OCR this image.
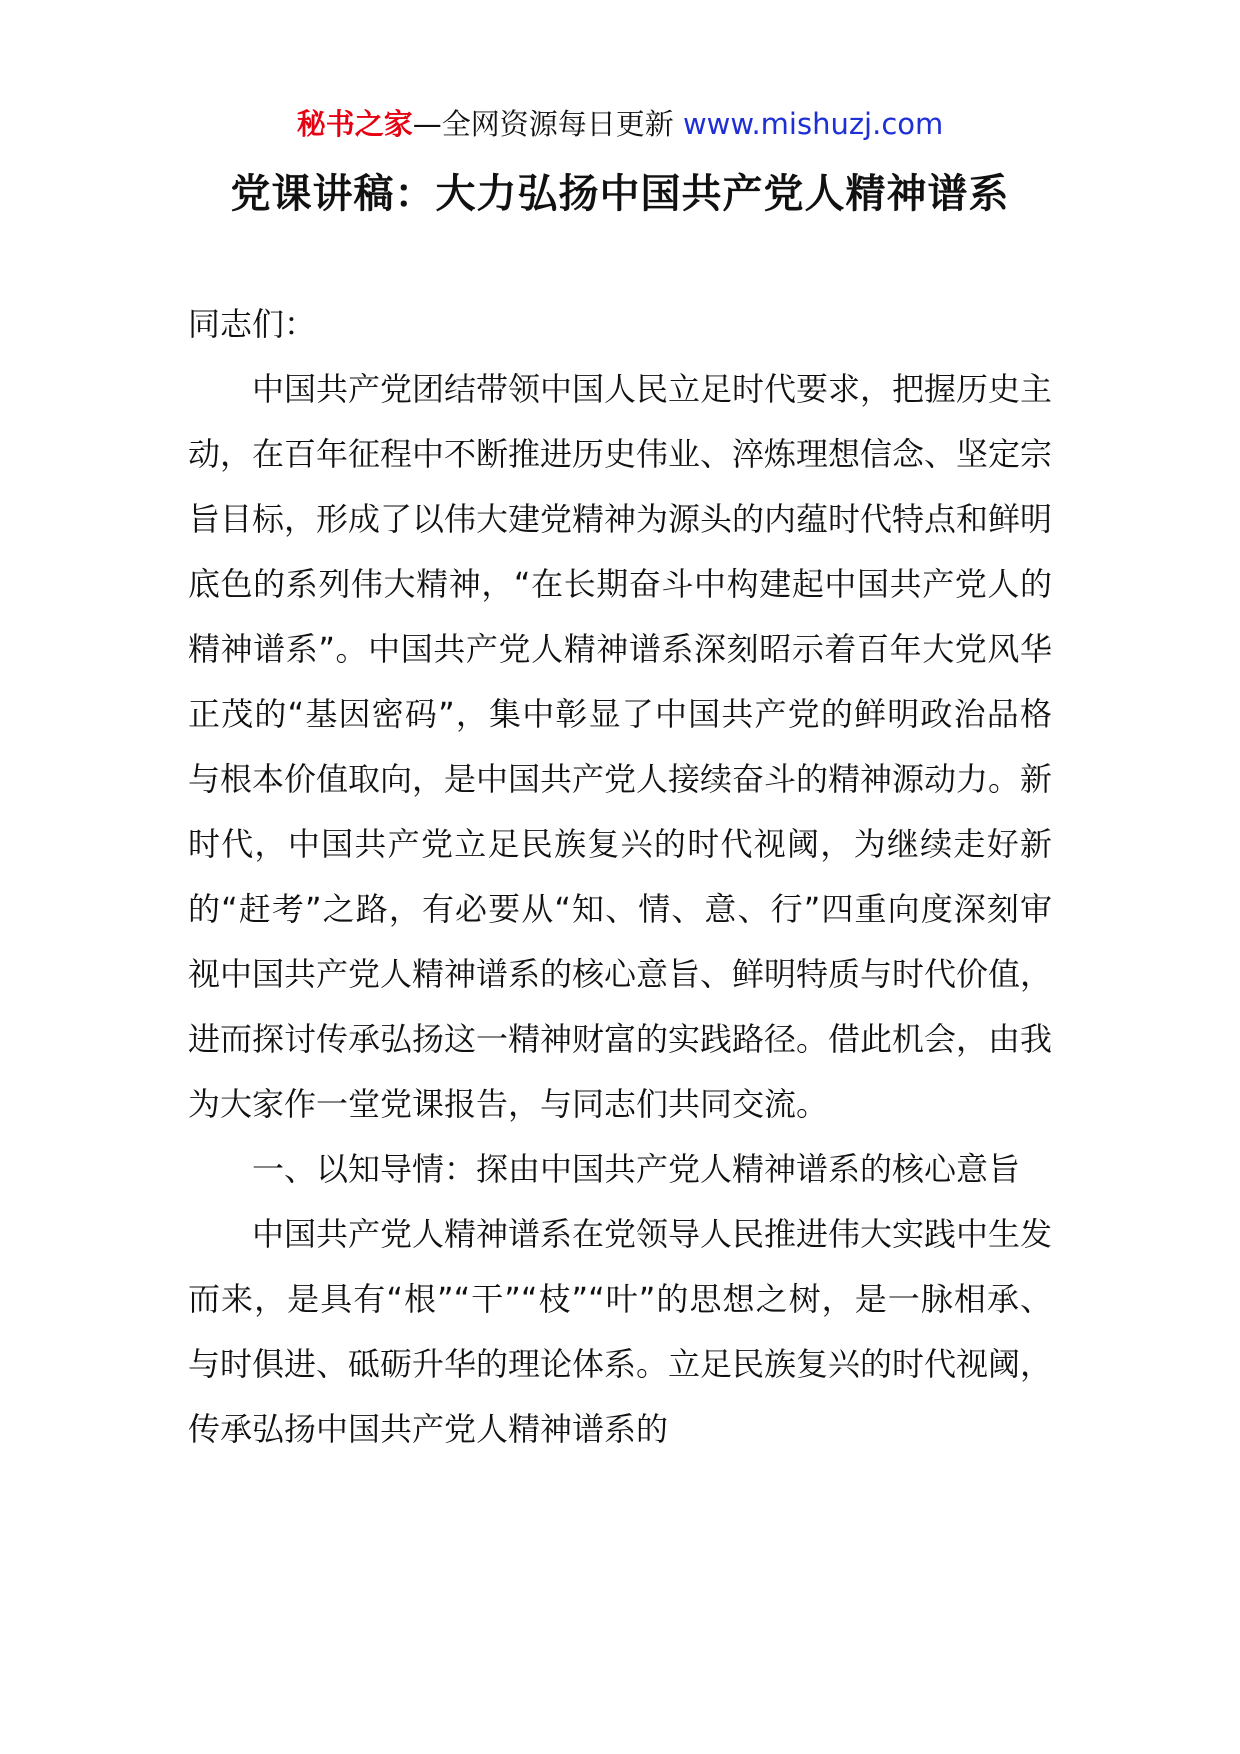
秘书之家—全网资源每日更新 www.mishuzj.com
党课讲稿：大力弘扬中国共产党人精神谱系

同志们：

中国共产党团结带领中国人民立足时代要求，把握历史主动，在百年征程中不断推进历史伟业、淬炼理想信念、坚定宗旨目标，形成了以伟大建党精神为源头的内蕴时代特点和鲜明底色的系列伟大精神，“在长期奋斗中构建起中国共产党人的精神谱系”。中国共产党人精神谱系深刻昭示着百年大党风华正茂的“基因密码”，集中彰显了中国共产党的鲜明政治品格与根本价值取向，是中国共产党人接续奋斗的精神源动力。新时代，中国共产党立足民族复兴的时代视阈，为继续走好新的“赶考”之路，有必要从“知、情、意、行”四重向度深刻审视中国共产党人精神谱系的核心意旨、鲜明特质与时代价值，进而探讨传承弘扬这一精神财富的实践路径。借此机会，由我为大家作一堂党课报告，与同志们共同交流。

一、以知导情：探由中国共产党人精神谱系的核心意旨

中国共产党人精神谱系在党领导人民推进伟大实践中生发而来，是具有“根”“干”“枝”“叶”的思想之树，是一脉相承、与时俱进、砥砺升华的理论体系。立足民族复兴的时代视阈，传承弘扬中国共产党人精神谱系的
